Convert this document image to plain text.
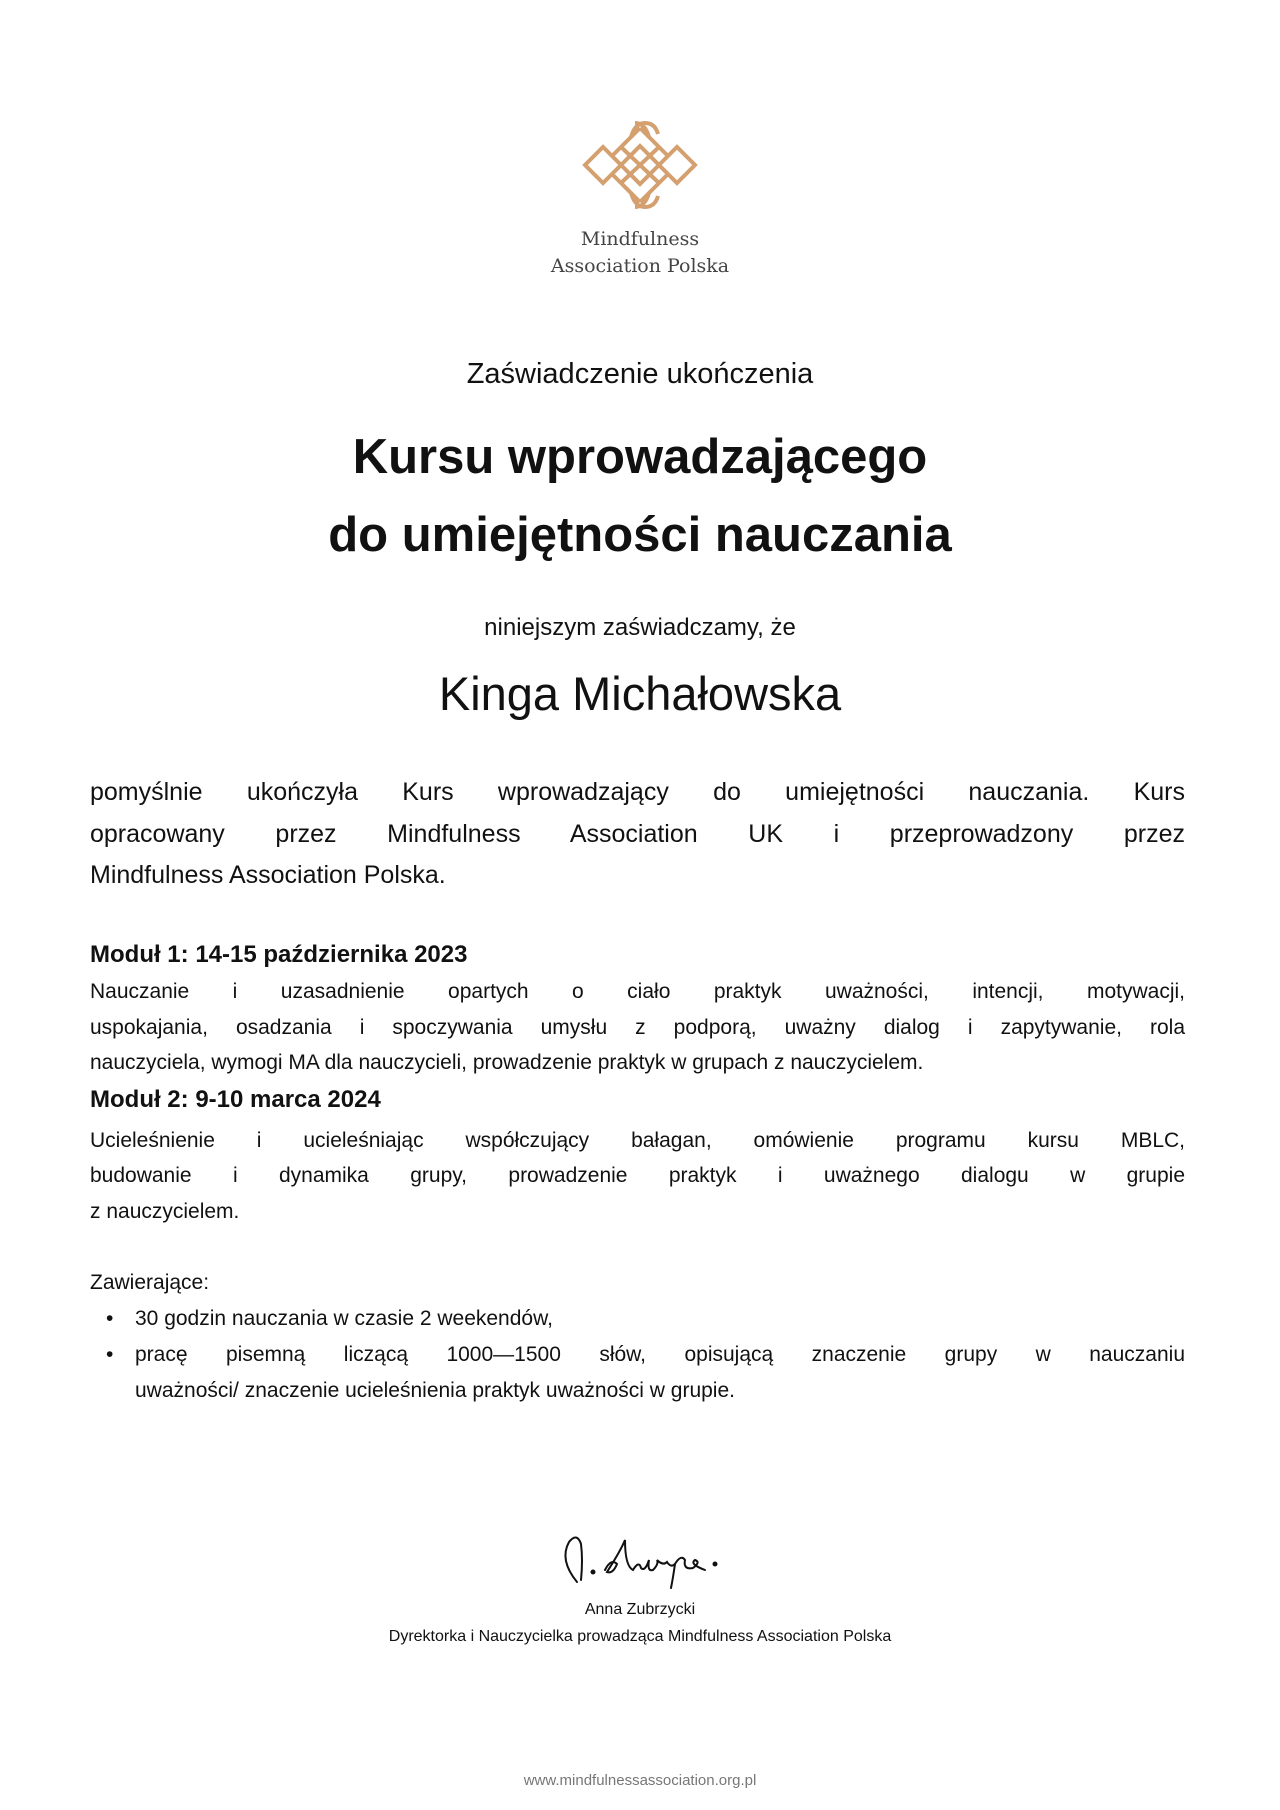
Mindfulness
Association Polska
Zaświadczenie ukończenia
Kursu wprowadzającego
do umiejętności nauczania
niniejszym zaświadczamy, że
Kinga Michałowska
pomyślnie ukończyła Kurs wprowadzający do umiejętności nauczania. Kurs
opracowany przez Mindfulness Association UK i przeprowadzony przez
Mindfulness Association Polska.
Moduł 1: 14-15 października 2023
Nauczanie i uzasadnienie opartych o ciało praktyk uważności, intencji, motywacji,
uspokajania, osadzania i spoczywania umysłu z podporą, uważny dialog i zapytywanie, rola
nauczyciela, wymogi MA dla nauczycieli, prowadzenie praktyk w grupach z nauczycielem.
Moduł 2: 9-10 marca 2024
Ucieleśnienie i ucieleśniając współczujący bałagan, omówienie programu kursu MBLC,
budowanie i dynamika grupy, prowadzenie praktyk i uważnego dialogu w grupie
z nauczycielem.
Zawierające:
• 30 godzin nauczania w czasie 2 weekendów,
• pracę pisemną liczącą 1000—1500 słów, opisującą znaczenie grupy w nauczaniu
uważności/ znaczenie ucieleśnienia praktyk uważności w grupie.
Anna Zubrzycki
Dyrektorka i Nauczycielka prowadząca Mindfulness Association Polska
www.mindfulnessassociation.org.pl
